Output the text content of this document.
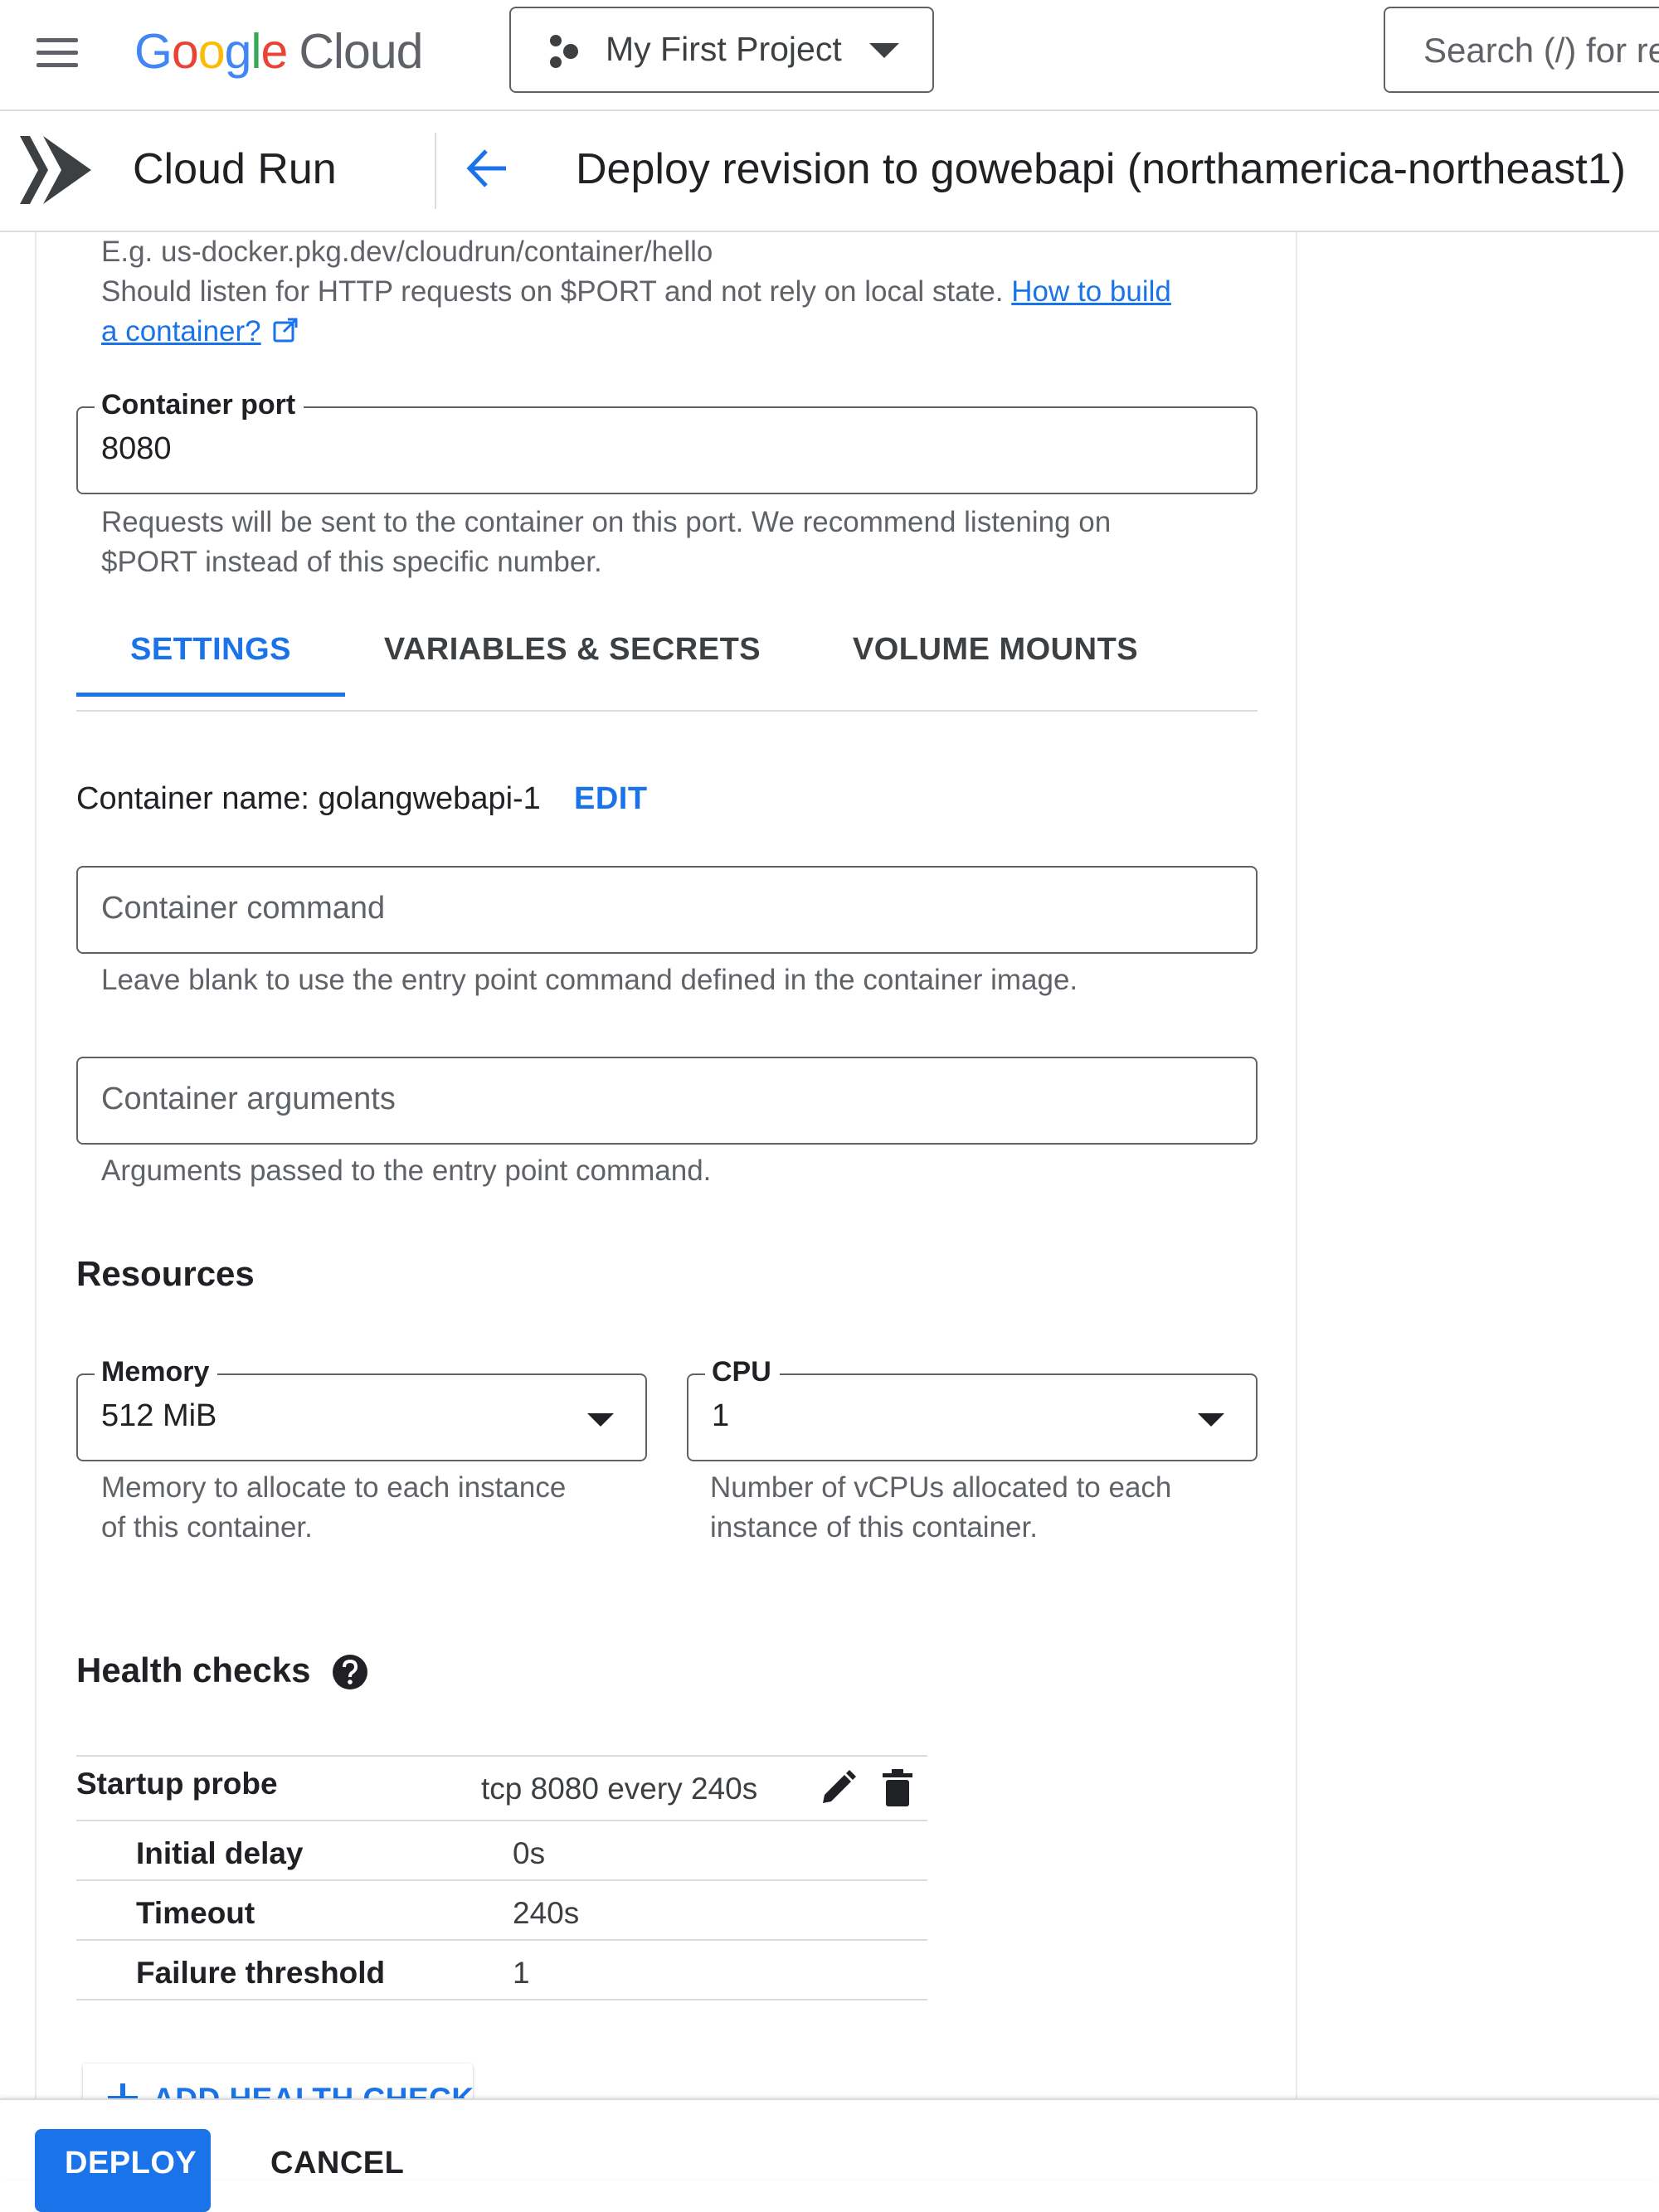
Google Cloud	My First Project
Search (/) for resources
Cloud Run	Deploy revision to gowebapi (northamerica-northeast1)
E.g. us-docker.pkg.dev/cloudrun/container/hello
Should listen for HTTP requests on $PORT and not rely on local state. How to build
a container?
Container port
8080
Requests will be sent to the container on this port. We recommend listening on
$PORT instead of this specific number.
SETTINGS	VARIABLES & SECRETS	VOLUME MOUNTS
Container name: golangwebapi-1 EDIT
Container command
Leave blank to use the entry point command defined in the container image.
Container arguments
Arguments passed to the entry point command.
Resources
Memory
512 MiB
Memory to allocate to each instance
of this container.
CPU
1
Number of vCPUs allocated to each
instance of this container.
Health checks
Startup probe	tcp 8080 every 240s
Initial delay	0s
Timeout	240s
Failure threshold	1
DEPLOY CANCEL
